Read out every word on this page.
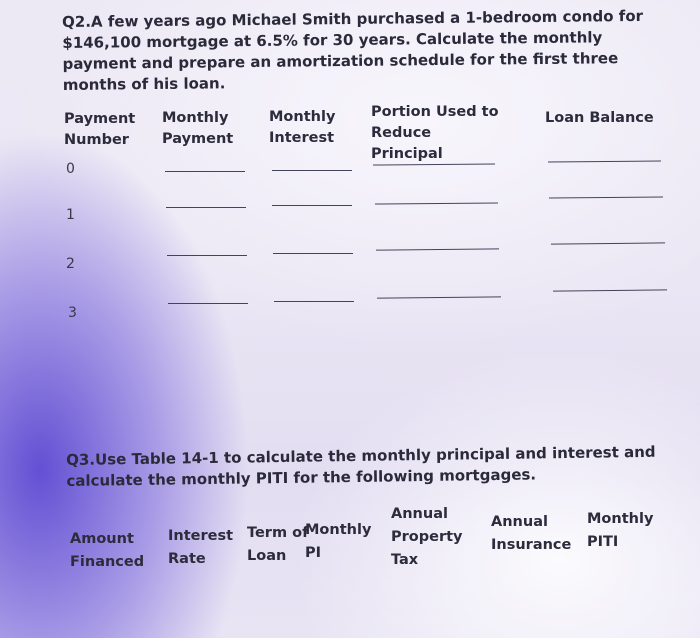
Q2.A few years ago Michael Smith purchased a 1-bedroom condo for $146,100 mortgage at 6.5% for 30 years. Calculate the monthly payment and prepare an amortization schedule for the first three months of his loan.
Payment Number
Monthly Payment
Monthly Interest
Portion Used to Reduce Principal
Loan Balance
0
1
2
3
Q3.Use Table 14-1 to calculate the monthly principal and interest and calculate the monthly PITI for the following mortgages.
Amount Financed
Interest Rate
Term of Loan
Monthly PI
Annual Property Tax
Annual Insurance
Monthly PITI
